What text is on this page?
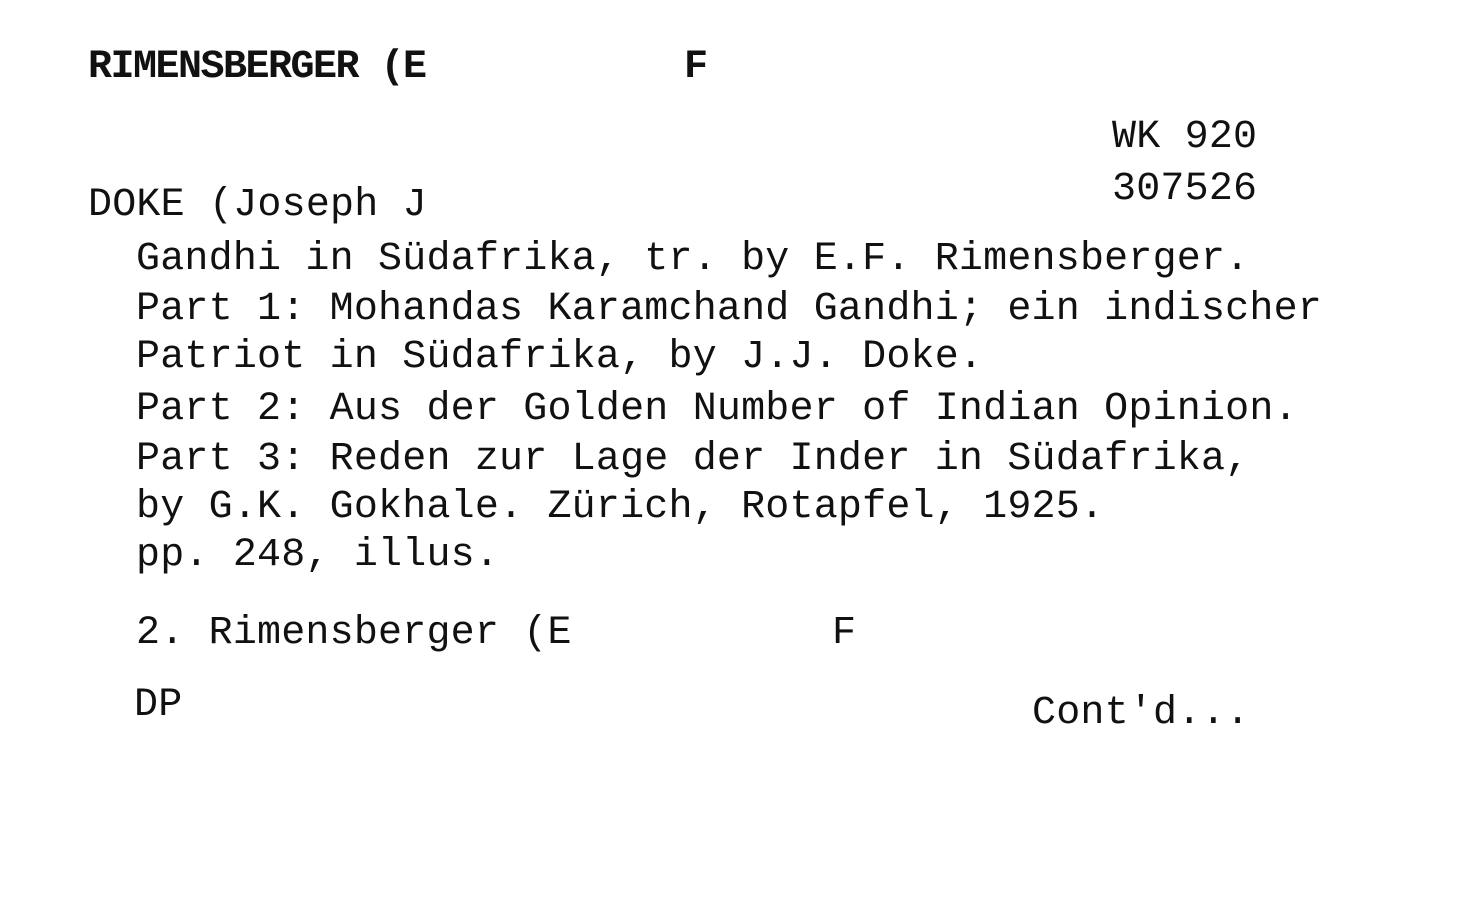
RIMENSBERGER (E	F
WK 920
307526
DOKE (Joseph J
Gandhi in Südafrika, tr. by E.F. Rimensberger.
Part 1: Mohandas Karamchand Gandhi; ein indischer
Patriot in Südafrika, by J.J. Doke.
Part 2: Aus der Golden Number of Indian Opinion.
Part 3: Reden zur Lage der Inder in Südafrika,
by G.K. Gokhale. Zürich, Rotapfel, 1925.
pp. 248, illus.
2. Rimensberger (E	F
DP	Cont'd...
